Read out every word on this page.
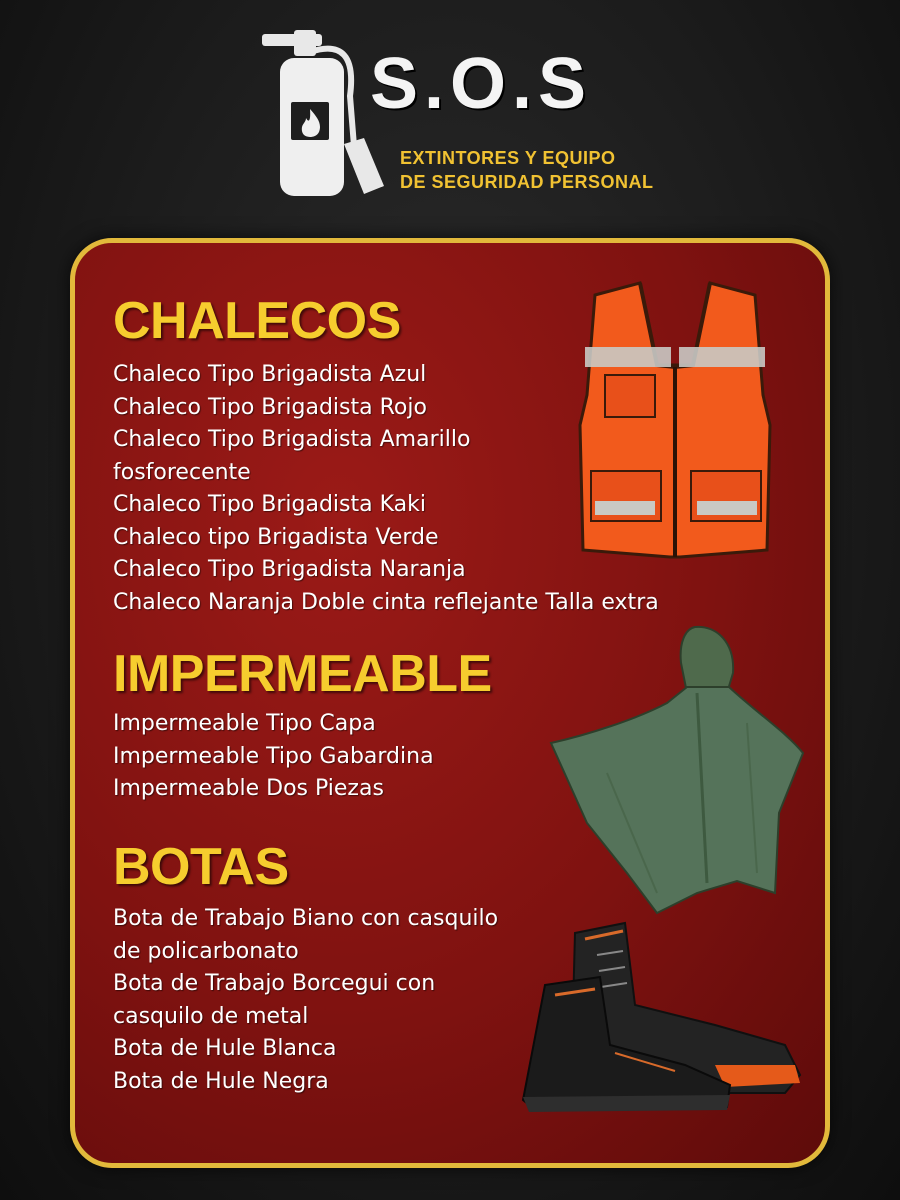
S.O.S
EXTINTORES Y EQUIPO
DE SEGURIDAD PERSONAL
CHALECOS
Chaleco Tipo Brigadista Azul
Chaleco Tipo Brigadista Rojo
Chaleco Tipo Brigadista Amarillo
fosforecente
Chaleco Tipo Brigadista Kaki
Chaleco tipo Brigadista Verde
Chaleco Tipo Brigadista Naranja
Chaleco Naranja Doble cinta reflejante Talla extra
IMPERMEABLE
Impermeable Tipo Capa
Impermeable Tipo Gabardina
Impermeable Dos Piezas
BOTAS
Bota de Trabajo Biano con casquilo
de policarbonato
Bota de Trabajo Borcegui con
casquilo de metal
Bota de Hule Blanca
Bota de Hule Negra
